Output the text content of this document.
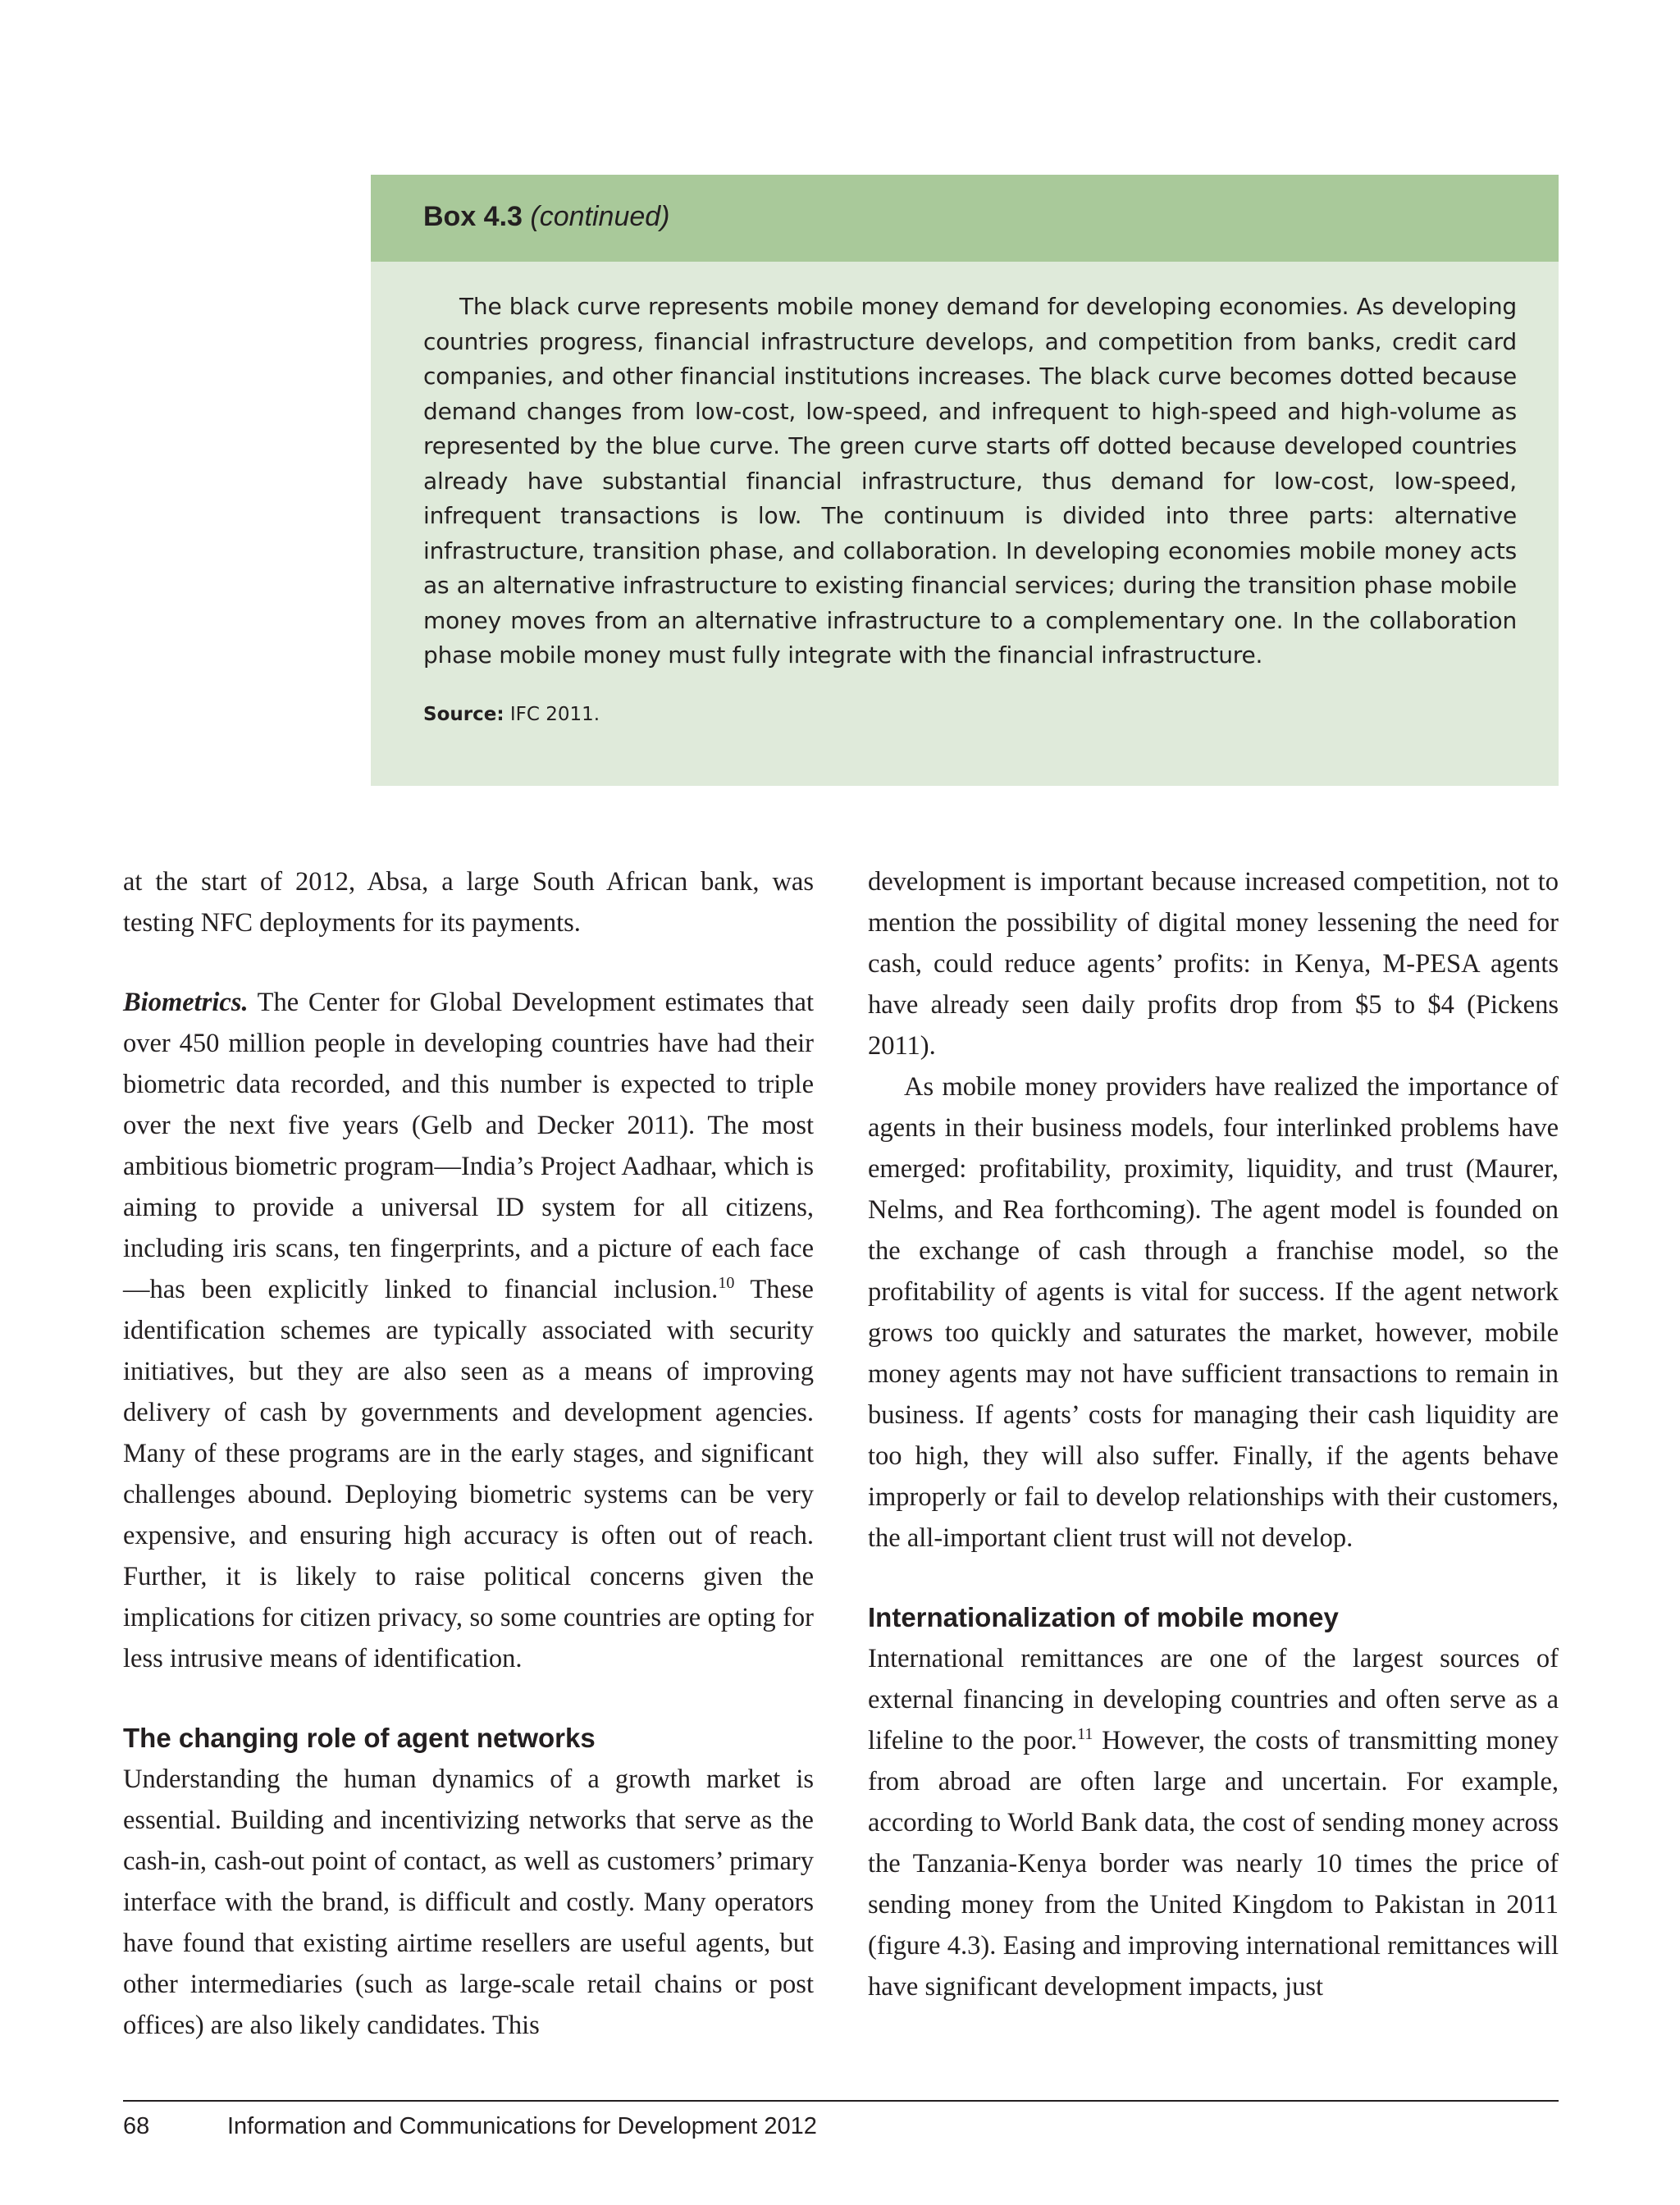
Box 4.3 (continued)

The black curve represents mobile money demand for developing economies. As developing countries progress, financial infrastructure develops, and competition from banks, credit card companies, and other financial institutions increases. The black curve becomes dotted because demand changes from low-cost, low-speed, and infrequent to high-speed and high-volume as represented by the blue curve. The green curve starts off dotted because developed countries already have substantial financial infrastructure, thus demand for low-cost, low-speed, infrequent transactions is low. The continuum is divided into three parts: alternative infrastructure, transition phase, and collaboration. In developing economies mobile money acts as an alternative infrastructure to existing financial services; during the transition phase mobile money moves from an alternative infrastructure to a complementary one. In the collaboration phase mobile money must fully integrate with the financial infrastructure.

Source: IFC 2011.

at the start of 2012, Absa, a large South African bank, was testing NFC deployments for its payments.

Biometrics. The Center for Global Development estimates that over 450 million people in developing countries have had their biometric data recorded, and this number is expected to triple over the next five years (Gelb and Decker 2011). The most ambitious biometric program—India’s Project Aadhaar, which is aiming to provide a universal ID system for all citizens, including iris scans, ten fingerprints, and a picture of each face—has been explicitly linked to financial inclusion.$^{10}$ These identification schemes are typically associated with security initiatives, but they are also seen as a means of improving delivery of cash by governments and development agencies. Many of these programs are in the early stages, and significant challenges abound. Deploying biometric systems can be very expensive, and ensuring high accuracy is often out of reach. Further, it is likely to raise political concerns given the implications for citizen privacy, so some countries are opting for less intrusive means of identification.

The changing role of agent networks

Understanding the human dynamics of a growth market is essential. Building and incentivizing networks that serve as the cash-in, cash-out point of contact, as well as customers’ primary interface with the brand, is difficult and costly. Many operators have found that existing airtime resellers are useful agents, but other intermediaries (such as large-scale retail chains or post offices) are also likely candidates. This

development is important because increased competition, not to mention the possibility of digital money lessening the need for cash, could reduce agents’ profits: in Kenya, M-PESA agents have already seen daily profits drop from $5 to $4 (Pickens 2011).

As mobile money providers have realized the importance of agents in their business models, four interlinked problems have emerged: profitability, proximity, liquidity, and trust (Maurer, Nelms, and Rea forthcoming). The agent model is founded on the exchange of cash through a franchise model, so the profitability of agents is vital for success. If the agent network grows too quickly and saturates the market, however, mobile money agents may not have sufficient transactions to remain in business. If agents’ costs for managing their cash liquidity are too high, they will also suffer. Finally, if the agents behave improperly or fail to develop relationships with their customers, the all-important client trust will not develop.

Internationalization of mobile money

International remittances are one of the largest sources of external financing in developing countries and often serve as a lifeline to the poor.$^{11}$ However, the costs of transmitting money from abroad are often large and uncertain. For example, according to World Bank data, the cost of sending money across the Tanzania-Kenya border was nearly 10 times the price of sending money from the United Kingdom to Pakistan in 2011 (figure 4.3). Easing and improving international remittances will have significant development impacts, just

68	Information and Communications for Development 2012
